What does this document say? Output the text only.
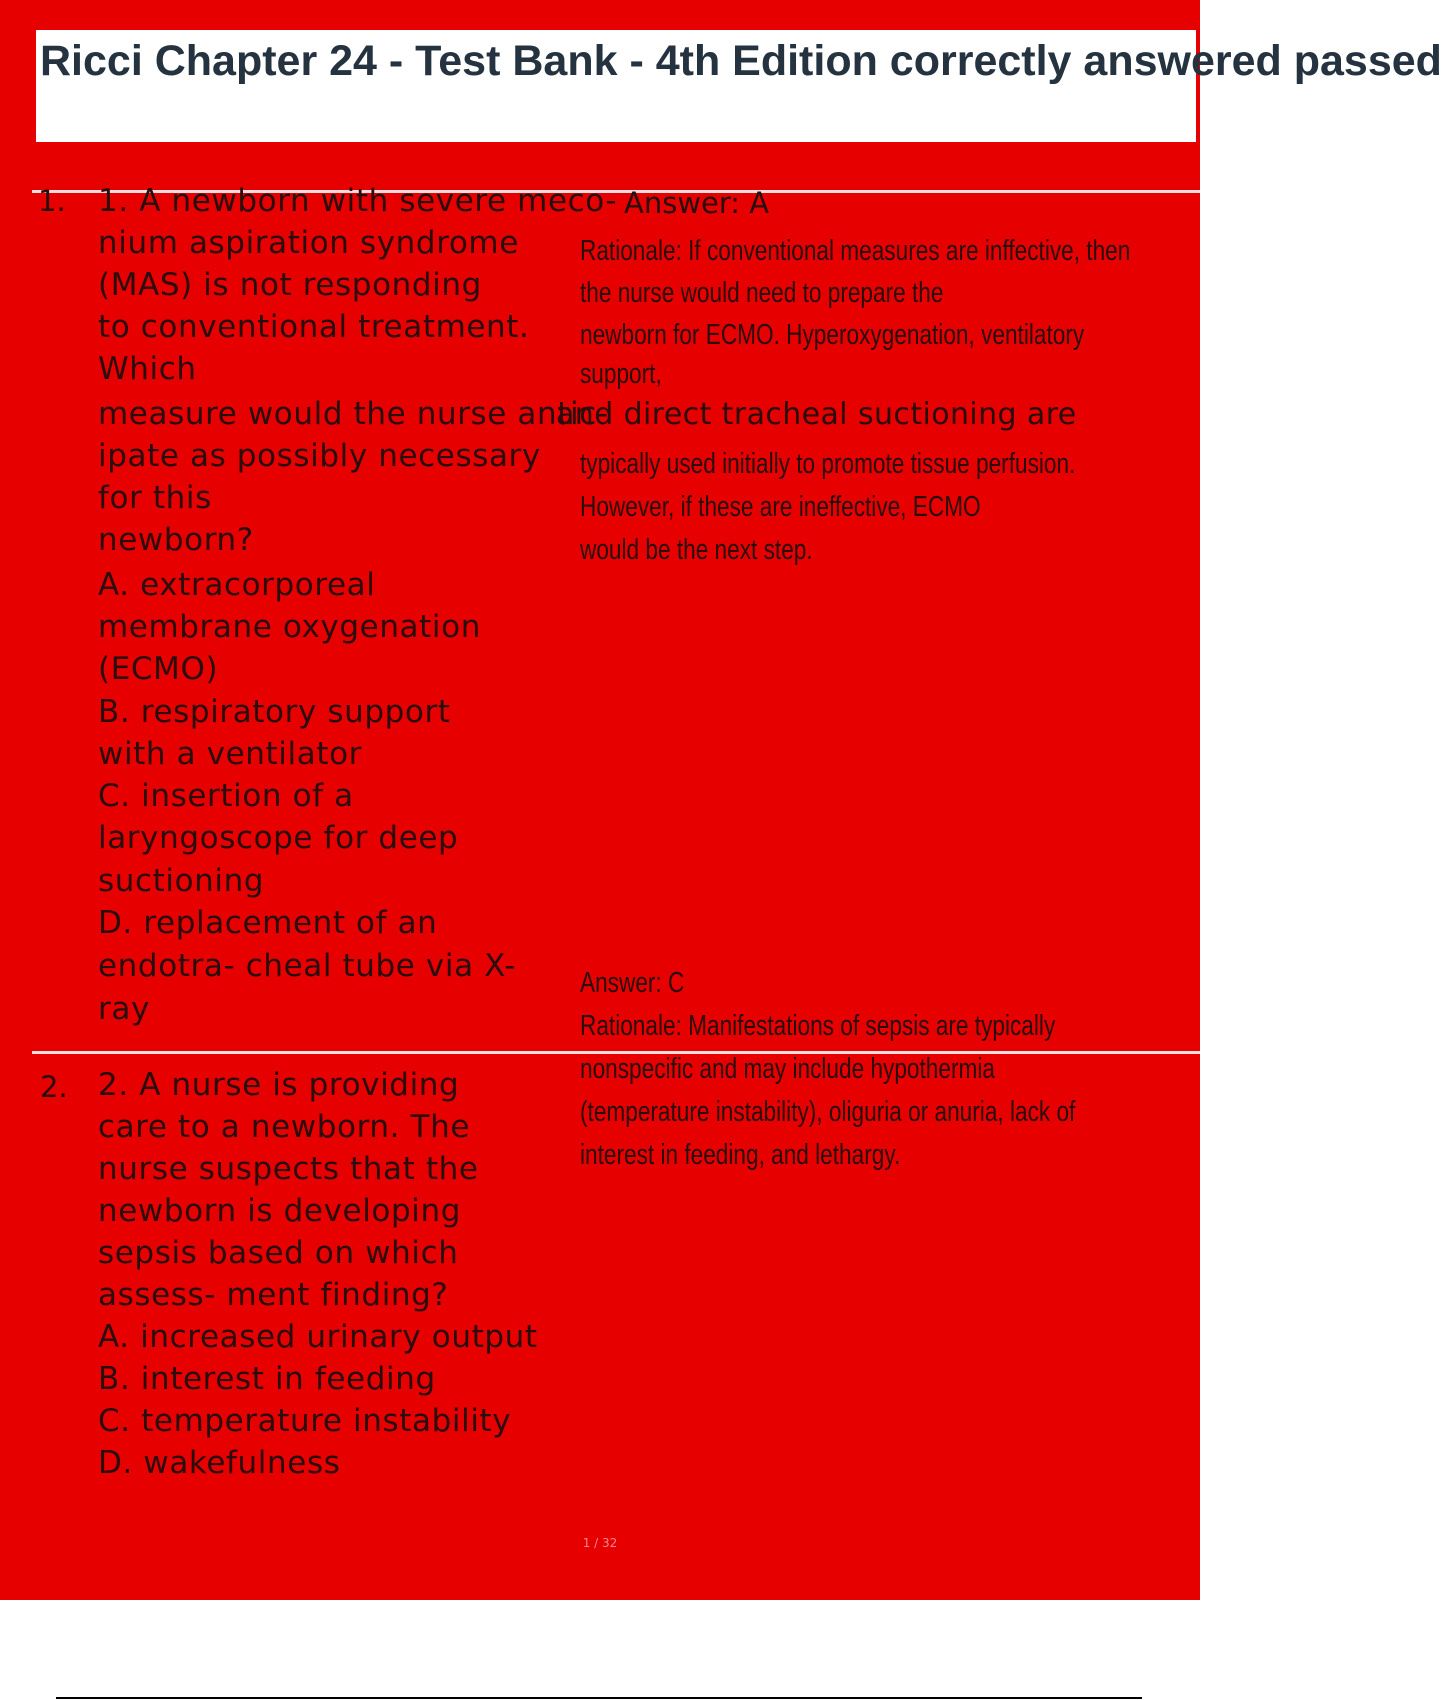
Ricci Chapter 24 - Test Bank - 4th Edition correctly answered passed
1. 1. A newborn with severe meco-
nium aspiration syndrome
(MAS) is not responding
to conventional treatment.
Which
measure would the nurse antic-
ipate as possibly necessary
for this
newborn?
A. extracorporeal
membrane oxygenation
(ECMO)
B. respiratory support
with a ventilator
C. insertion of a
laryngoscope for deep
suctioning
D. replacement of an
endotra- cheal tube via X-
ray
Answer: A
Rationale: If conventional measures are inffective, then
the nurse would need to prepare the
newborn for ECMO. Hyperoxygenation, ventilatory
support,
and direct tracheal suctioning are
typically used initially to promote tissue perfusion.
However, if these are ineffective, ECMO
would be the next step.
2. 2. A nurse is providing
care to a newborn. The
nurse suspects that the
newborn is developing
sepsis based on which
assess- ment finding?
A. increased urinary output
B. interest in feeding
C. temperature instability
D. wakefulness
Answer: C
Rationale: Manifestations of sepsis are typically
nonspecific and may include hypothermia
(temperature instability), oliguria or anuria, lack of
interest in feeding, and lethargy.
1 / 32
